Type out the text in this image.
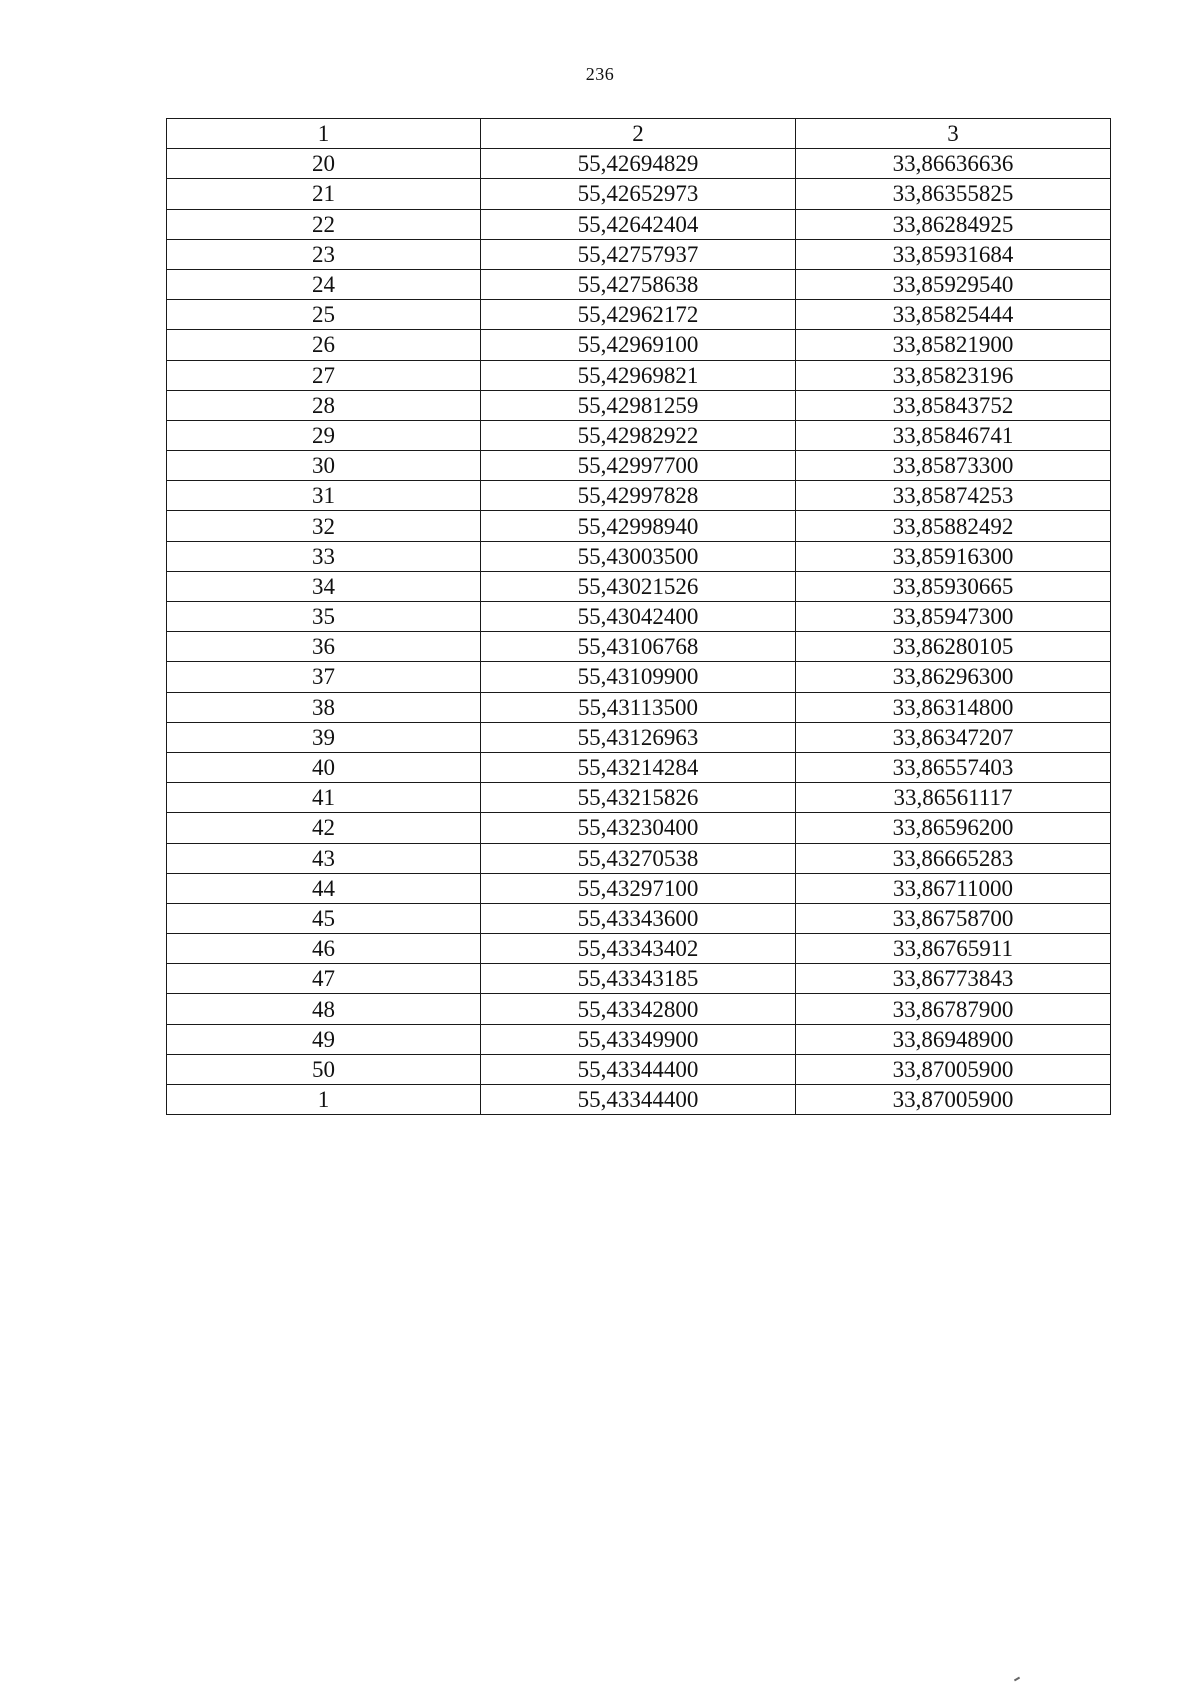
236
1	2	3
20	55,42694829	33,86636636
21	55,42652973	33,86355825
22	55,42642404	33,86284925
23	55,42757937	33,85931684
24	55,42758638	33,85929540
25	55,42962172	33,85825444
26	55,42969100	33,85821900
27	55,42969821	33,85823196
28	55,42981259	33,85843752
29	55,42982922	33,85846741
30	55,42997700	33,85873300
31	55,42997828	33,85874253
32	55,42998940	33,85882492
33	55,43003500	33,85916300
34	55,43021526	33,85930665
35	55,43042400	33,85947300
36	55,43106768	33,86280105
37	55,43109900	33,86296300
38	55,43113500	33,86314800
39	55,43126963	33,86347207
40	55,43214284	33,86557403
41	55,43215826	33,86561117
42	55,43230400	33,86596200
43	55,43270538	33,86665283
44	55,43297100	33,86711000
45	55,43343600	33,86758700
46	55,43343402	33,86765911
47	55,43343185	33,86773843
48	55,43342800	33,86787900
49	55,43349900	33,86948900
50	55,43344400	33,87005900
1	55,43344400	33,87005900
